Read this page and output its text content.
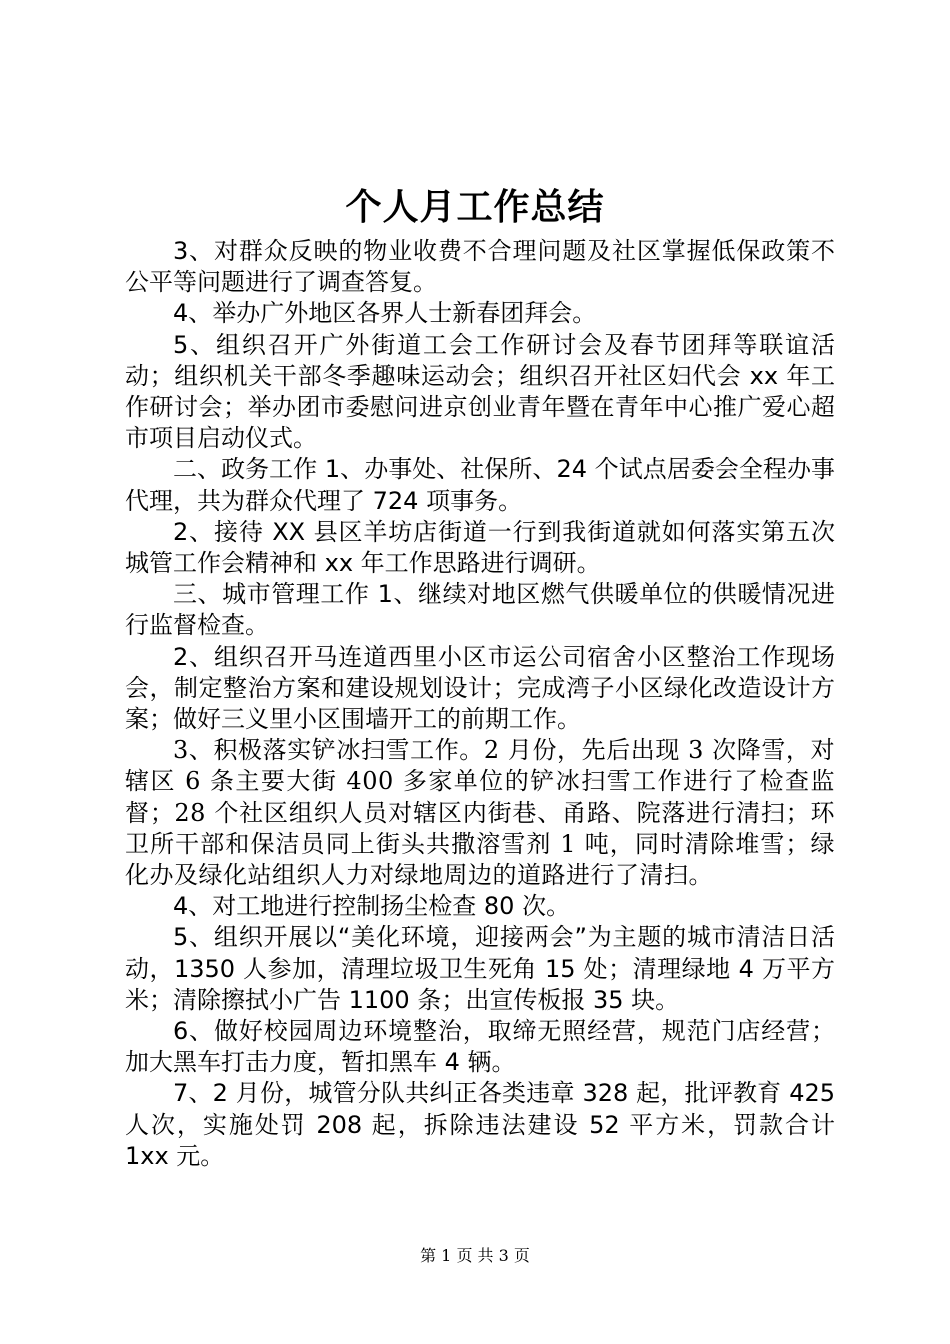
个人月工作总结

3、对群众反映的物业收费不合理问题及社区掌握低保政策不公平等问题进行了调查答复。

4、举办广外地区各界人士新春团拜会。

5、组织召开广外街道工会工作研讨会及春节团拜等联谊活动；组织机关干部冬季趣味运动会；组织召开社区妇代会 xx 年工作研讨会；举办团市委慰问进京创业青年暨在青年中心推广爱心超市项目启动仪式。

二、政务工作 1、办事处、社保所、24 个试点居委会全程办事代理，共为群众代理了 724 项事务。

2、接待 XX 县区羊坊店街道一行到我街道就如何落实第五次城管工作会精神和 xx 年工作思路进行调研。

三、城市管理工作 1、继续对地区燃气供暖单位的供暖情况进行监督检查。

2、组织召开马连道西里小区市运公司宿舍小区整治工作现场会，制定整治方案和建设规划设计；完成湾子小区绿化改造设计方案；做好三义里小区围墙开工的前期工作。

3、积极落实铲冰扫雪工作。2 月份，先后出现 3 次降雪，对辖区 6 条主要大街 400 多家单位的铲冰扫雪工作进行了检查监督；28 个社区组织人员对辖区内街巷、甬路、院落进行清扫；环卫所干部和保洁员同上街头共撒溶雪剂 1 吨，同时清除堆雪；绿化办及绿化站组织人力对绿地周边的道路进行了清扫。

4、对工地进行控制扬尘检查 80 次。

5、组织开展以“美化环境，迎接两会”为主题的城市清洁日活动，1350 人参加，清理垃圾卫生死角 15 处；清理绿地 4 万平方米；清除擦拭小广告 1100 条；出宣传板报 35 块。

6、做好校园周边环境整治，取缔无照经营，规范门店经营；加大黑车打击力度，暂扣黑车 4 辆。

7、2 月份，城管分队共纠正各类违章 328 起，批评教育 425 人次，实施处罚 208 起，拆除违法建设 52 平方米，罚款合计 1xx 元。

第 1 页 共 3 页
